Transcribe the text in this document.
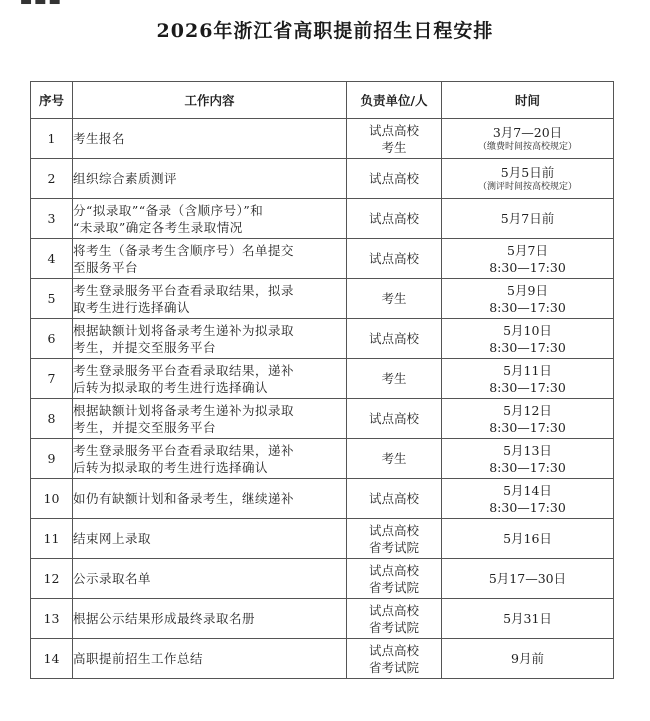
▬▬▬
2026年浙江省高职提前招生日程安排
序号	工作内容	负责单位/人	时间
1	考生报名	试点高校
考生	3月7—20日
（缴费时间按高校规定）

2	组织综合素质测评	试点高校	5月5日前
（测评时间按高校规定）

3	分“拟录取”“备录（含顺序号）”和
“未录取”确定各考生录取情况	试点高校	5月7日前

4	将考生（备录考生含顺序号）名单提交
至服务平台	试点高校	5月7日
8:30—17:30

5	考生登录服务平台查看录取结果，拟录
取考生进行选择确认	考生	5月9日
8:30—17:30

6	根据缺额计划将备录考生递补为拟录取
考生，并提交至服务平台	试点高校	5月10日
8:30—17:30

7	考生登录服务平台查看录取结果，递补
后转为拟录取的考生进行选择确认	考生	5月11日
8:30—17:30

8	根据缺额计划将备录考生递补为拟录取
考生，并提交至服务平台	试点高校	5月12日
8:30—17:30

9	考生登录服务平台查看录取结果，递补
后转为拟录取的考生进行选择确认	考生	5月13日
8:30—17:30

10	如仍有缺额计划和备录考生，继续递补	试点高校	5月14日
8:30—17:30

11	结束网上录取	试点高校
省考试院	5月16日

12	公示录取名单	试点高校
省考试院	5月17—30日

13	根据公示结果形成最终录取名册	试点高校
省考试院	5月31日

14	高职提前招生工作总结	试点高校
省考试院	9月前
